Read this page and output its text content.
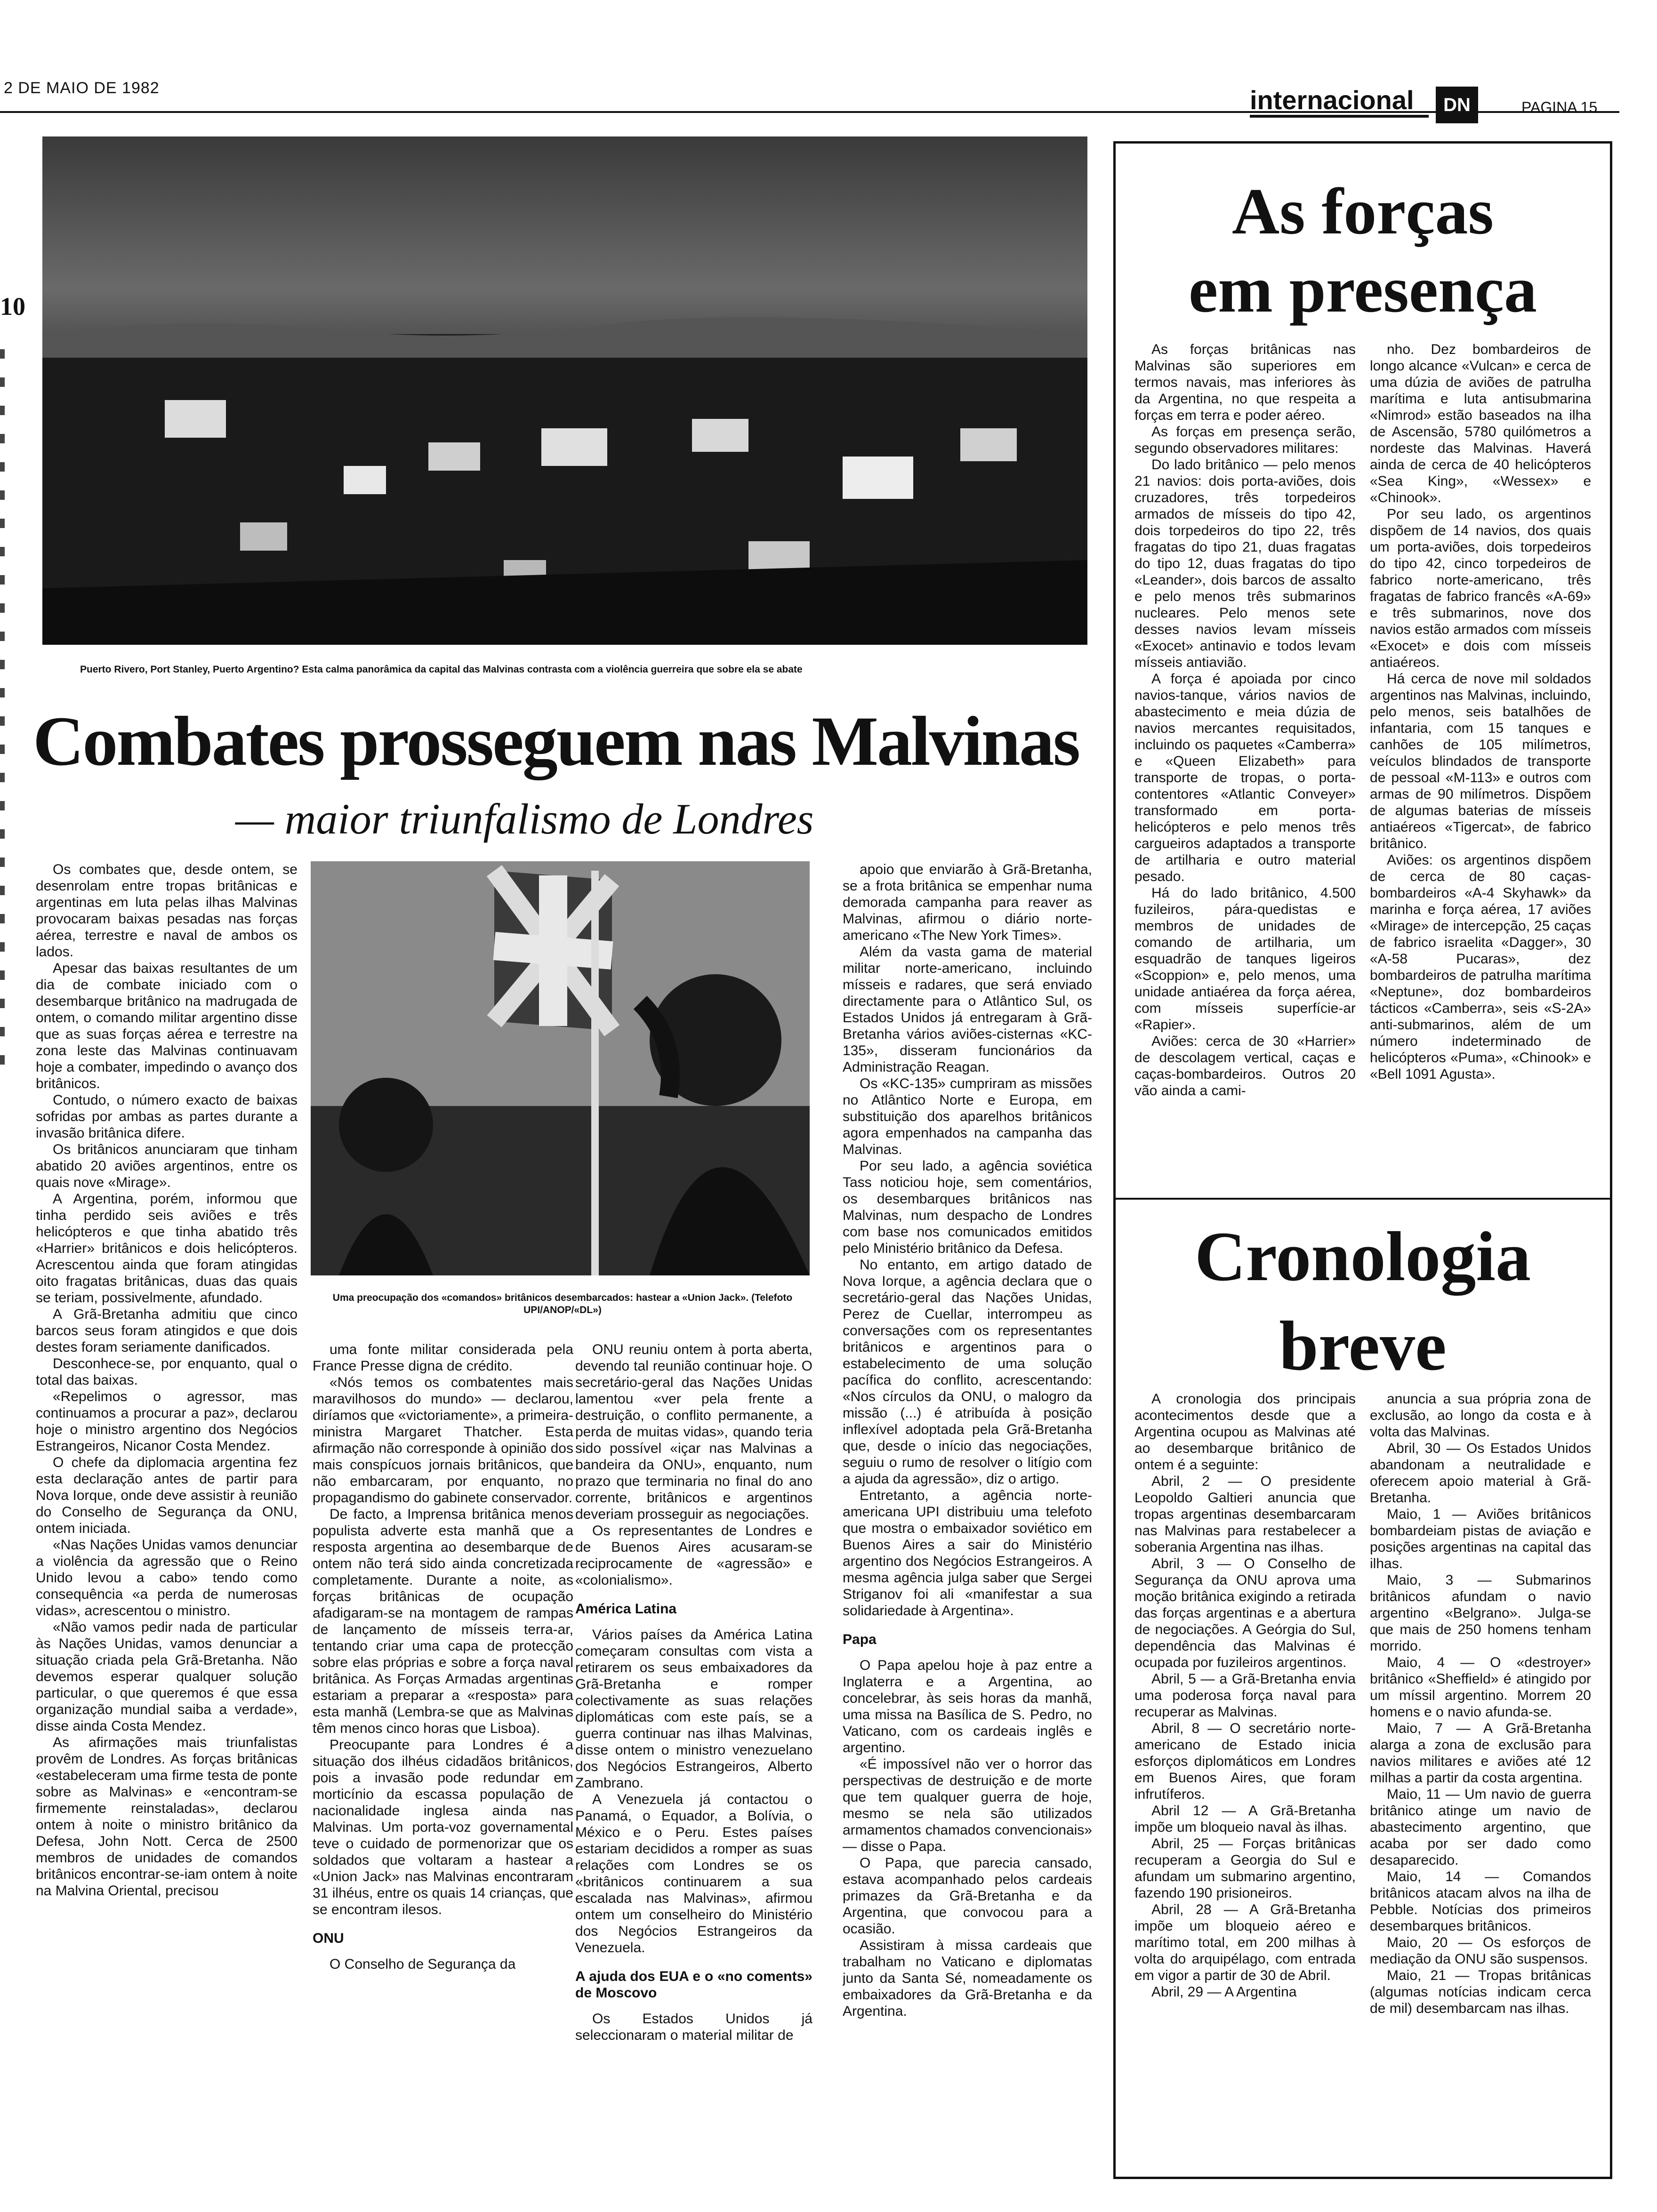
2 DE MAIO DE 1982	internacional	DN	PAGINA 15
10
Puerto Rivero, Port Stanley, Puerto Argentino? Esta calma panorâmica da capital das Malvinas contrasta com a violência guerreira que sobre ela se abate
Combates prosseguem nas Malvinas
— maior triunfalismo de Londres
Uma preocupação dos «comandos» britânicos desembarcados: hastear a «Union Jack». (Telefoto UPI/ANOP/«DL»)

Os combates que, desde ontem, se desenrolam entre tropas britânicas e argentinas em luta pelas ilhas Malvinas provocaram baixas pesadas nas forças aérea, terrestre e naval de ambos os lados.

Apesar das baixas resultantes de um dia de combate iniciado com o desembarque britânico na madrugada de ontem, o comando militar argentino disse que as suas forças aérea e terrestre na zona leste das Malvinas continuavam hoje a combater, impedindo o avanço dos britânicos.

Contudo, o número exacto de baixas sofridas por ambas as partes durante a invasão britânica difere.

Os britânicos anunciaram que tinham abatido 20 aviões argentinos, entre os quais nove «Mirage».

A Argentina, porém, informou que tinha perdido seis aviões e três helicópteros e que tinha abatido três «Harrier» britânicos e dois helicópteros. Acrescentou ainda que foram atingidas oito fragatas britânicas, duas das quais se teriam, possivelmente, afundado.

A Grã-Bretanha admitiu que cinco barcos seus foram atingidos e que dois destes foram seriamente danificados.

Desconhece-se, por enquanto, qual o total das baixas.

«Repelimos o agressor, mas continuamos a procurar a paz», declarou hoje o ministro argentino dos Negócios Estrangeiros, Nicanor Costa Mendez.

O chefe da diplomacia argentina fez esta declaração antes de partir para Nova Iorque, onde deve assistir à reunião do Conselho de Segurança da ONU, ontem iniciada.

«Nas Nações Unidas vamos denunciar a violência da agressão que o Reino Unido levou a cabo» tendo como consequência «a perda de numerosas vidas», acrescentou o ministro.

«Não vamos pedir nada de particular às Nações Unidas, vamos denunciar a situação criada pela Grã-Bretanha. Não devemos esperar qualquer solução particular, o que queremos é que essa organização mundial saiba a verdade», disse ainda Costa Mendez.

As afirmações mais triunfalistas provêm de Londres. As forças britânicas «estabeleceram uma firme testa de ponte sobre as Malvinas» e «encontram-se firmemente reinstaladas», declarou ontem à noite o ministro britânico da Defesa, John Nott. Cerca de 2500 membros de unidades de comandos britânicos encontrar-se-iam ontem à noite na Malvina Oriental, precisou

uma fonte militar considerada pela France Presse digna de crédito.

«Nós temos os combatentes mais maravilhosos do mundo» — declarou, diríamos que «victoriamente», a primeira-ministra Margaret Thatcher. Esta afirmação não corresponde à opinião dos mais conspícuos jornais britânicos, que não embarcaram, por enquanto, no propagandismo do gabinete conservador.

De facto, a Imprensa britânica menos populista adverte esta manhã que a resposta argentina ao desembarque de ontem não terá sido ainda concretizada completamente. Durante a noite, as forças britânicas de ocupação afadigaram-se na montagem de rampas de lançamento de mísseis terra-ar, tentando criar uma capa de protecção sobre elas próprias e sobre a força naval britânica. As Forças Armadas argentinas estariam a preparar a «resposta» para esta manhã (Lembra-se que as Malvinas têm menos cinco horas que Lisboa).

Preocupante para Londres é a situação dos ilhéus cidadãos britânicos, pois a invasão pode redundar em morticínio da escassa população de nacionalidade inglesa ainda nas Malvinas. Um porta-voz governamental teve o cuidado de pormenorizar que os soldados que voltaram a hastear a «Union Jack» nas Malvinas encontraram 31 ilhéus, entre os quais 14 crianças, que se encontram ilesos.

ONU

O Conselho de Segurança da

ONU reuniu ontem à porta aberta, devendo tal reunião continuar hoje. O secretário-geral das Nações Unidas lamentou «ver pela frente a destruição, o conflito permanente, a perda de muitas vidas», quando teria sido possível «içar nas Malvinas a bandeira da ONU», enquanto, num prazo que terminaria no final do ano corrente, britânicos e argentinos deveriam prosseguir as negociações.

Os representantes de Londres e de Buenos Aires acusaram-se reciprocamente de «agressão» e «colonialismo».

América Latina

Vários países da América Latina começaram consultas com vista a retirarem os seus embaixadores da Grã-Bretanha e romper colectivamente as suas relações diplomáticas com este país, se a guerra continuar nas ilhas Malvinas, disse ontem o ministro venezuelano dos Negócios Estrangeiros, Alberto Zambrano.

A Venezuela já contactou o Panamá, o Equador, a Bolívia, o México e o Peru. Estes países estariam decididos a romper as suas relações com Londres se os «britânicos continuarem a sua escalada nas Malvinas», afirmou ontem um conselheiro do Ministério dos Negócios Estrangeiros da Venezuela.

A ajuda dos EUA e o «no coments» de Moscovo

Os Estados Unidos já seleccionaram o material militar de

apoio que enviarão à Grã-Bretanha, se a frota britânica se empenhar numa demorada campanha para reaver as Malvinas, afirmou o diário norte-americano «The New York Times».

Além da vasta gama de material militar norte-americano, incluindo mísseis e radares, que será enviado directamente para o Atlântico Sul, os Estados Unidos já entregaram à Grã-Bretanha vários aviões-cisternas «KC-135», disseram funcionários da Administração Reagan.

Os «KC-135» cumpriram as missões no Atlântico Norte e Europa, em substituição dos aparelhos britânicos agora empenhados na campanha das Malvinas.

Por seu lado, a agência soviética Tass noticiou hoje, sem comentários, os desembarques britânicos nas Malvinas, num despacho de Londres com base nos comunicados emitidos pelo Ministério britânico da Defesa.

No entanto, em artigo datado de Nova Iorque, a agência declara que o secretário-geral das Nações Unidas, Perez de Cuellar, interrompeu as conversações com os representantes britânicos e argentinos para o estabelecimento de uma solução pacífica do conflito, acrescentando: «Nos círculos da ONU, o malogro da missão (...) é atribuída à posição inflexível adoptada pela Grã-Bretanha que, desde o início das negociações, seguiu o rumo de resolver o litígio com a ajuda da agressão», diz o artigo.

Entretanto, a agência norte-americana UPI distribuiu uma telefoto que mostra o embaixador soviético em Buenos Aires a sair do Ministério argentino dos Negócios Estrangeiros. A mesma agência julga saber que Sergei Striganov foi ali «manifestar a sua solidariedade à Argentina».

Papa

O Papa apelou hoje à paz entre a Inglaterra e a Argentina, ao concelebrar, às seis horas da manhã, uma missa na Basílica de S. Pedro, no Vaticano, com os cardeais inglês e argentino.

«É impossível não ver o horror das perspectivas de destruição e de morte que tem qualquer guerra de hoje, mesmo se nela são utilizados armamentos chamados convencionais» — disse o Papa.

O Papa, que parecia cansado, estava acompanhado pelos cardeais primazes da Grã-Bretanha e da Argentina, que convocou para a ocasião.

Assistiram à missa cardeais que trabalham no Vaticano e diplomatas junto da Santa Sé, nomeadamente os embaixadores da Grã-Bretanha e da Argentina.

As forças
em presença

As forças britânicas nas Malvinas são superiores em termos navais, mas inferiores às da Argentina, no que respeita a forças em terra e poder aéreo.

As forças em presença serão, segundo observadores militares:

Do lado britânico — pelo menos 21 navios: dois porta-aviões, dois cruzadores, três torpedeiros armados de mísseis do tipo 42, dois torpedeiros do tipo 22, três fragatas do tipo 21, duas fragatas do tipo 12, duas fragatas do tipo «Leander», dois barcos de assalto e pelo menos três submarinos nucleares. Pelo menos sete desses navios levam mísseis «Exocet» antinavio e todos levam mísseis antiavião.

A força é apoiada por cinco navios-tanque, vários navios de abastecimento e meia dúzia de navios mercantes requisitados, incluindo os paquetes «Camberra» e «Queen Elizabeth» para transporte de tropas, o porta-contentores «Atlantic Conveyer» transformado em porta-helicópteros e pelo menos três cargueiros adaptados a transporte de artilharia e outro material pesado.

Há do lado britânico, 4.500 fuzileiros, pára-quedistas e membros de unidades de comando de artilharia, um esquadrão de tanques ligeiros «Scoppion» e, pelo menos, uma unidade antiaérea da força aérea, com mísseis superfície-ar «Rapier».

Aviões: cerca de 30 «Harrier» de descolagem vertical, caças e caças-bombardeiros. Outros 20 vão ainda a cami-

nho. Dez bombardeiros de longo alcance «Vulcan» e cerca de uma dúzia de aviões de patrulha marítima e luta antisubmarina «Nimrod» estão baseados na ilha de Ascensão, 5780 quilómetros a nordeste das Malvinas. Haverá ainda de cerca de 40 helicópteros «Sea King», «Wessex» e «Chinook».

Por seu lado, os argentinos dispõem de 14 navios, dos quais um porta-aviões, dois torpedeiros do tipo 42, cinco torpedeiros de fabrico norte-americano, três fragatas de fabrico francês «A-69» e três submarinos, nove dos navios estão armados com mísseis «Exocet» e dois com mísseis antiaéreos.

Há cerca de nove mil soldados argentinos nas Malvinas, incluindo, pelo menos, seis batalhões de infantaria, com 15 tanques e canhões de 105 milímetros, veículos blindados de transporte de pessoal «M-113» e outros com armas de 90 milímetros. Dispõem de algumas baterias de mísseis antiaéreos «Tigercat», de fabrico britânico.

Aviões: os argentinos dispõem de cerca de 80 caças-bombardeiros «A-4 Skyhawk» da marinha e força aérea, 17 aviões «Mirage» de intercepção, 25 caças de fabrico israelita «Dagger», 30 «A-58 Pucaras», dez bombardeiros de patrulha marítima «Neptune», doz bombardeiros tácticos «Camberra», seis «S-2A» anti-submarinos, além de um número indeterminado de helicópteros «Puma», «Chinook» e «Bell 1091 Agusta».

Cronologia
breve

A cronologia dos principais acontecimentos desde que a Argentina ocupou as Malvinas até ao desembarque britânico de ontem é a seguinte:

Abril, 2 — O presidente Leopoldo Galtieri anuncia que tropas argentinas desembarcaram nas Malvinas para restabelecer a soberania Argentina nas ilhas.

Abril, 3 — O Conselho de Segurança da ONU aprova uma moção britânica exigindo a retirada das forças argentinas e a abertura de negociações. A Geórgia do Sul, dependência das Malvinas é ocupada por fuzileiros argentinos.

Abril, 5 — a Grã-Bretanha envia uma poderosa força naval para recuperar as Malvinas.

Abril, 8 — O secretário norte-americano de Estado inicia esforços diplomáticos em Londres em Buenos Aires, que foram infrutíferos.

Abril 12 — A Grã-Bretanha impõe um bloqueio naval às ilhas.

Abril, 25 — Forças britânicas recuperam a Georgia do Sul e afundam um submarino argentino, fazendo 190 prisioneiros.

Abril, 28 — A Grã-Bretanha impõe um bloqueio aéreo e marítimo total, em 200 milhas à volta do arquipélago, com entrada em vigor a partir de 30 de Abril.

Abril, 29 — A Argentina

anuncia a sua própria zona de exclusão, ao longo da costa e à volta das Malvinas.

Abril, 30 — Os Estados Unidos abandonam a neutralidade e oferecem apoio material à Grã-Bretanha.

Maio, 1 — Aviões britânicos bombardeiam pistas de aviação e posições argentinas na capital das ilhas.

Maio, 3 — Submarinos britânicos afundam o navio argentino «Belgrano». Julga-se que mais de 250 homens tenham morrido.

Maio, 4 — O «destroyer» britânico «Sheffield» é atingido por um míssil argentino. Morrem 20 homens e o navio afunda-se.

Maio, 7 — A Grã-Bretanha alarga a zona de exclusão para navios militares e aviões até 12 milhas a partir da costa argentina.

Maio, 11 — Um navio de guerra britânico atinge um navio de abastecimento argentino, que acaba por ser dado como desaparecido.

Maio, 14 — Comandos britânicos atacam alvos na ilha de Pebble. Notícias dos primeiros desembarques britânicos.

Maio, 20 — Os esforços de mediação da ONU são suspensos.

Maio, 21 — Tropas britânicas (algumas notícias indicam cerca de mil) desembarcam nas ilhas.
